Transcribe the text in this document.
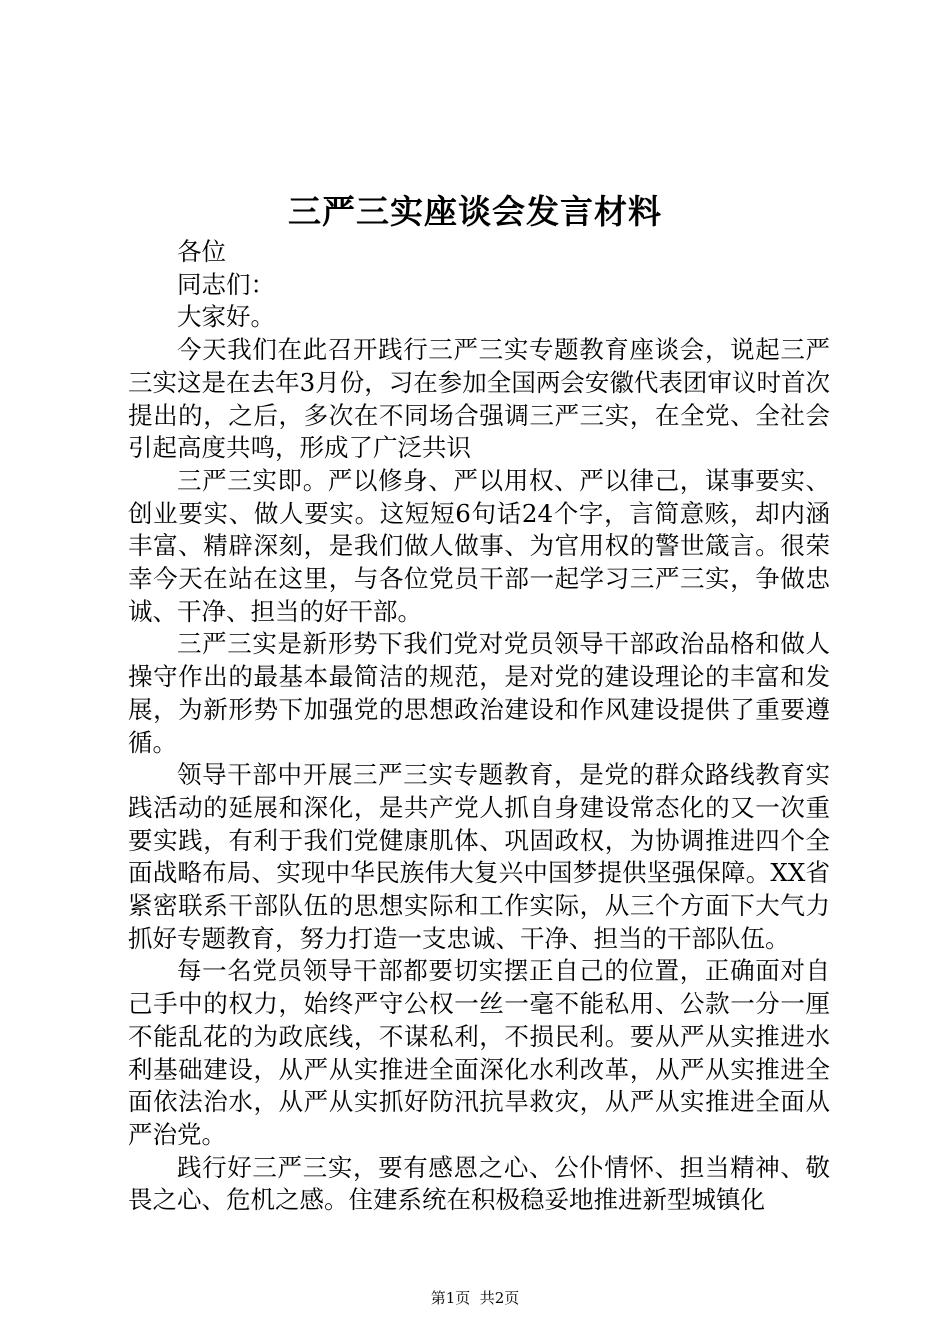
三严三实座谈会发言材料

各位

同志们：

大家好。

今天我们在此召开践行三严三实专题教育座谈会，说起三严三实这是在去年3月份，习在参加全国两会安徽代表团审议时首次提出的，之后，多次在不同场合强调三严三实，在全党、全社会引起高度共鸣，形成了广泛共识

三严三实即。严以修身、严以用权、严以律己，谋事要实、创业要实、做人要实。这短短6句话24个字，言简意赅，却内涵丰富、精辟深刻，是我们做人做事、为官用权的警世箴言。很荣幸今天在站在这里，与各位党员干部一起学习三严三实，争做忠诚、干净、担当的好干部。

三严三实是新形势下我们党对党员领导干部政治品格和做人操守作出的最基本最简洁的规范，是对党的建设理论的丰富和发展，为新形势下加强党的思想政治建设和作风建设提供了重要遵循。

领导干部中开展三严三实专题教育，是党的群众路线教育实践活动的延展和深化，是共产党人抓自身建设常态化的又一次重要实践，有利于我们党健康肌体、巩固政权，为协调推进四个全面战略布局、实现中华民族伟大复兴中国梦提供坚强保障。XX省紧密联系干部队伍的思想实际和工作实际，从三个方面下大气力抓好专题教育，努力打造一支忠诚、干净、担当的干部队伍。

每一名党员领导干部都要切实摆正自己的位置，正确面对自己手中的权力，始终严守公权一丝一毫不能私用、公款一分一厘不能乱花的为政底线，不谋私利，不损民利。要从严从实推进水利基础建设，从严从实推进全面深化水利改革，从严从实推进全面依法治水，从严从实抓好防汛抗旱救灾，从严从实推进全面从严治党。

践行好三严三实，要有感恩之心、公仆情怀、担当精神、敬畏之心、危机之感。住建系统在积极稳妥地推进新型城镇化

第1页  共2页
